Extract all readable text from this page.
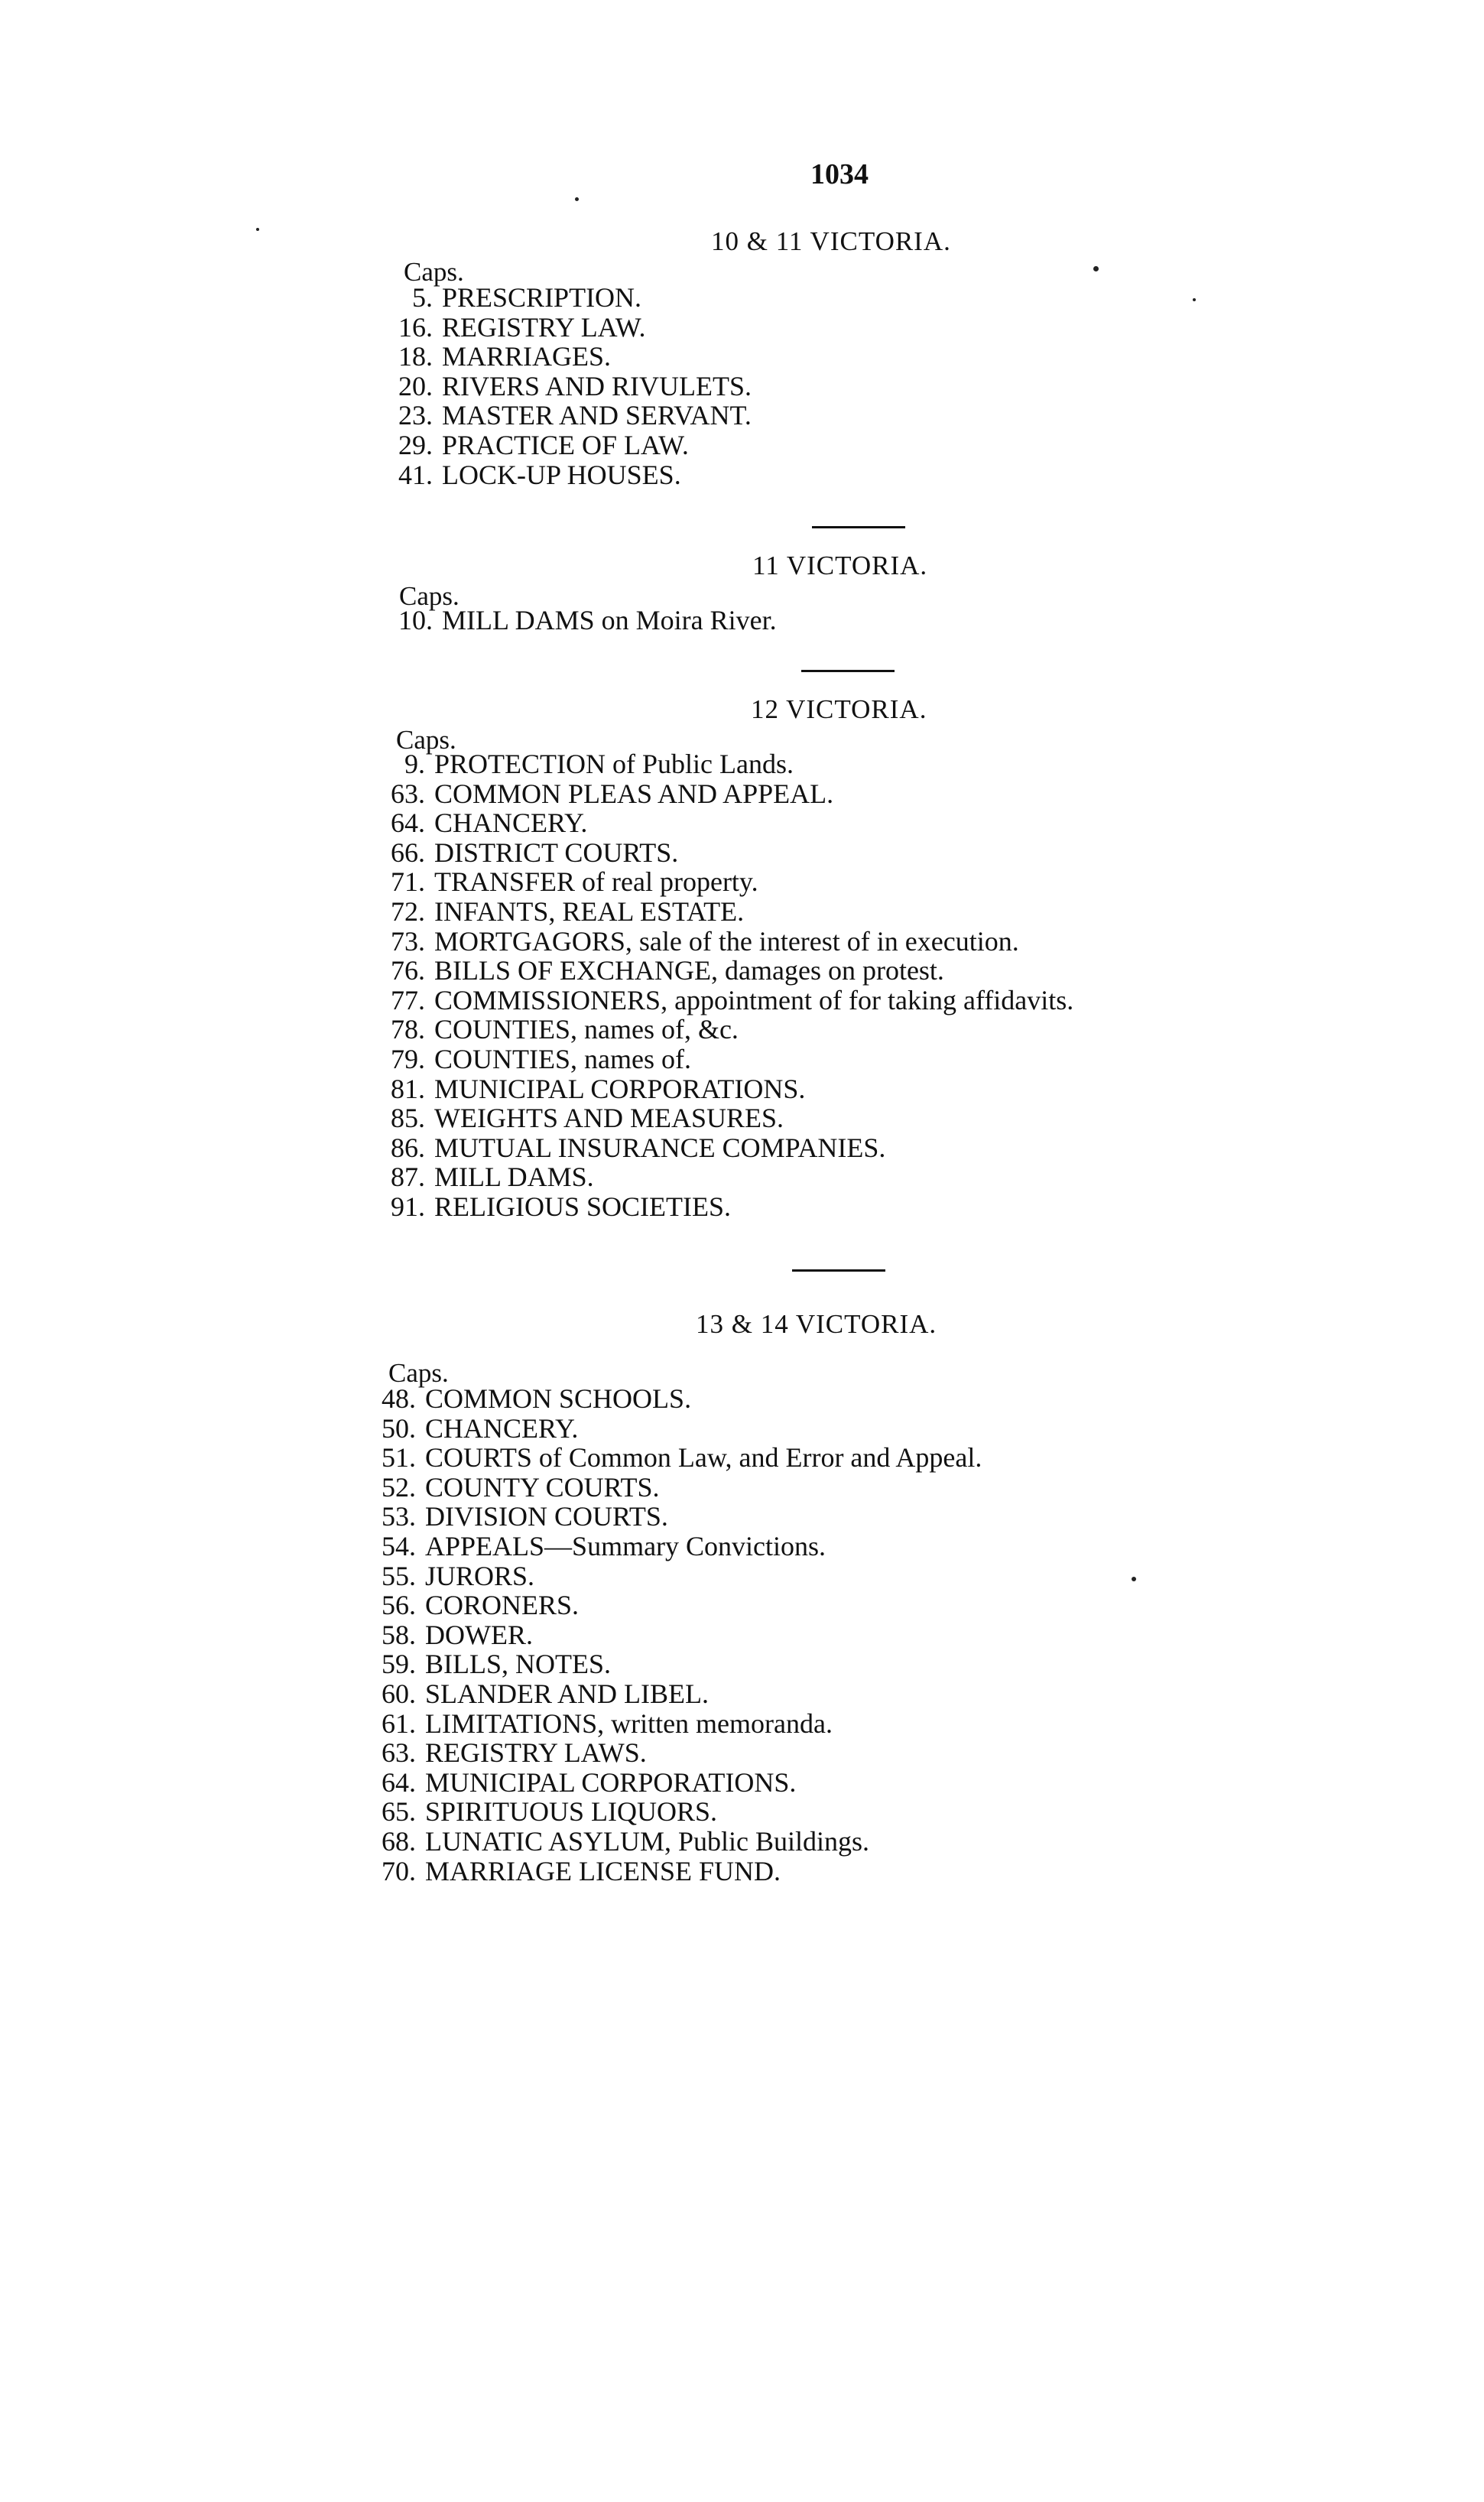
1034
10 & 11 VICTORIA.
Caps.
5. PRESCRIPTION.
16. REGISTRY LAW.
18. MARRIAGES.
20. RIVERS AND RIVULETS.
23. MASTER AND SERVANT.
29. PRACTICE OF LAW.
41. LOCK-UP HOUSES.
11 VICTORIA.
Caps.
10. MILL DAMS on Moira River.
12 VICTORIA.
Caps.
9. PROTECTION of Public Lands.
63. COMMON PLEAS AND APPEAL.
64. CHANCERY.
66. DISTRICT COURTS.
71. TRANSFER of real property.
72. INFANTS, REAL ESTATE.
73. MORTGAGORS, sale of the interest of in execution.
76. BILLS OF EXCHANGE, damages on protest.
77. COMMISSIONERS, appointment of for taking affidavits.
78. COUNTIES, names of, &c.
79. COUNTIES, names of.
81. MUNICIPAL CORPORATIONS.
85. WEIGHTS AND MEASURES.
86. MUTUAL INSURANCE COMPANIES.
87. MILL DAMS.
91. RELIGIOUS SOCIETIES.
13 & 14 VICTORIA.
Caps.
48. COMMON SCHOOLS.
50. CHANCERY.
51. COURTS of Common Law, and Error and Appeal.
52. COUNTY COURTS.
53. DIVISION COURTS.
54. APPEALS—Summary Convictions.
55. JURORS.
56. CORONERS.
58. DOWER.
59. BILLS, NOTES.
60. SLANDER AND LIBEL.
61. LIMITATIONS, written memoranda.
63. REGISTRY LAWS.
64. MUNICIPAL CORPORATIONS.
65. SPIRITUOUS LIQUORS.
68. LUNATIC ASYLUM, Public Buildings.
70. MARRIAGE LICENSE FUND.
